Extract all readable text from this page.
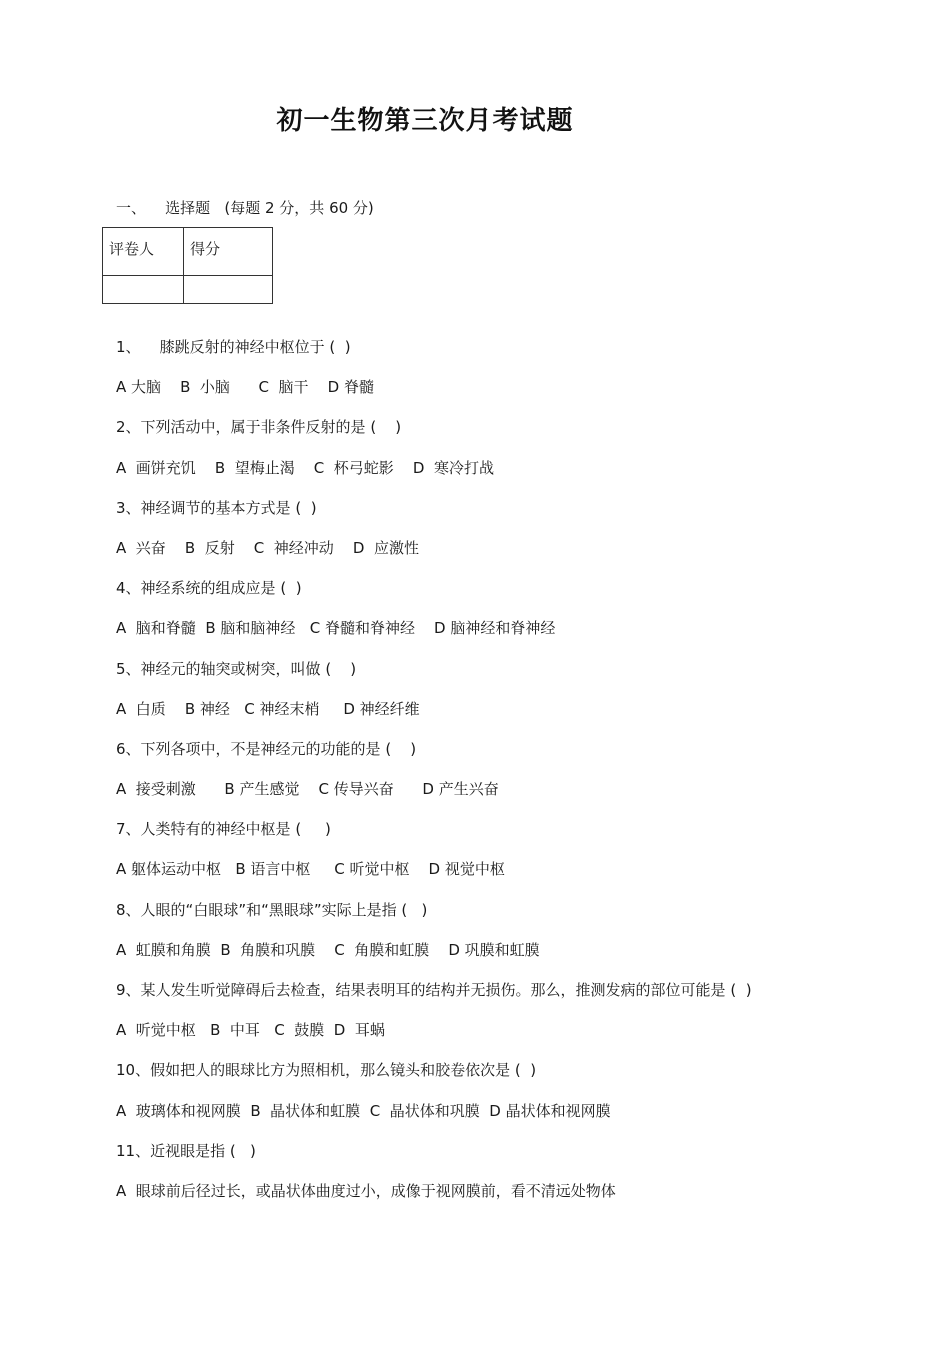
初一生物第三次月考试题
一、    选择题   (每题 2 分，共 60 分)
评卷人	得分

1、    膝跳反射的神经中枢位于 (  )
A 大脑    B  小脑      C  脑干    D 脊髓
2、下列活动中，属于非条件反射的是 (    )
A  画饼充饥    B  望梅止渴    C  杯弓蛇影    D  寒冷打战
3、神经调节的基本方式是 (  )
A  兴奋    B  反射    C  神经冲动    D  应激性
4、神经系统的组成应是 (  )
A  脑和脊髓  B 脑和脑神经   C 脊髓和脊神经    D 脑神经和脊神经
5、神经元的轴突或树突，叫做 (    )
A  白质    B 神经   C 神经末梢     D 神经纤维
6、下列各项中，不是神经元的功能的是 (    )
A  接受刺激      B 产生感觉    C 传导兴奋      D 产生兴奋
7、人类特有的神经中枢是 (     )
A 躯体运动中枢   B 语言中枢     C 听觉中枢    D 视觉中枢
8、人眼的“白眼球”和“黑眼球”实际上是指 (   )
A  虹膜和角膜  B  角膜和巩膜    C  角膜和虹膜    D 巩膜和虹膜
9、某人发生听觉障碍后去检查，结果表明耳的结构并无损伤。那么，推测发病的部位可能是 (  )
A  听觉中枢   B  中耳   C  鼓膜  D  耳蜗
10、假如把人的眼球比方为照相机，那么镜头和胶卷依次是 (  )
A  玻璃体和视网膜  B  晶状体和虹膜  C  晶状体和巩膜  D 晶状体和视网膜
11、近视眼是指 (   )
A  眼球前后径过长，或晶状体曲度过小，成像于视网膜前，看不清远处物体
